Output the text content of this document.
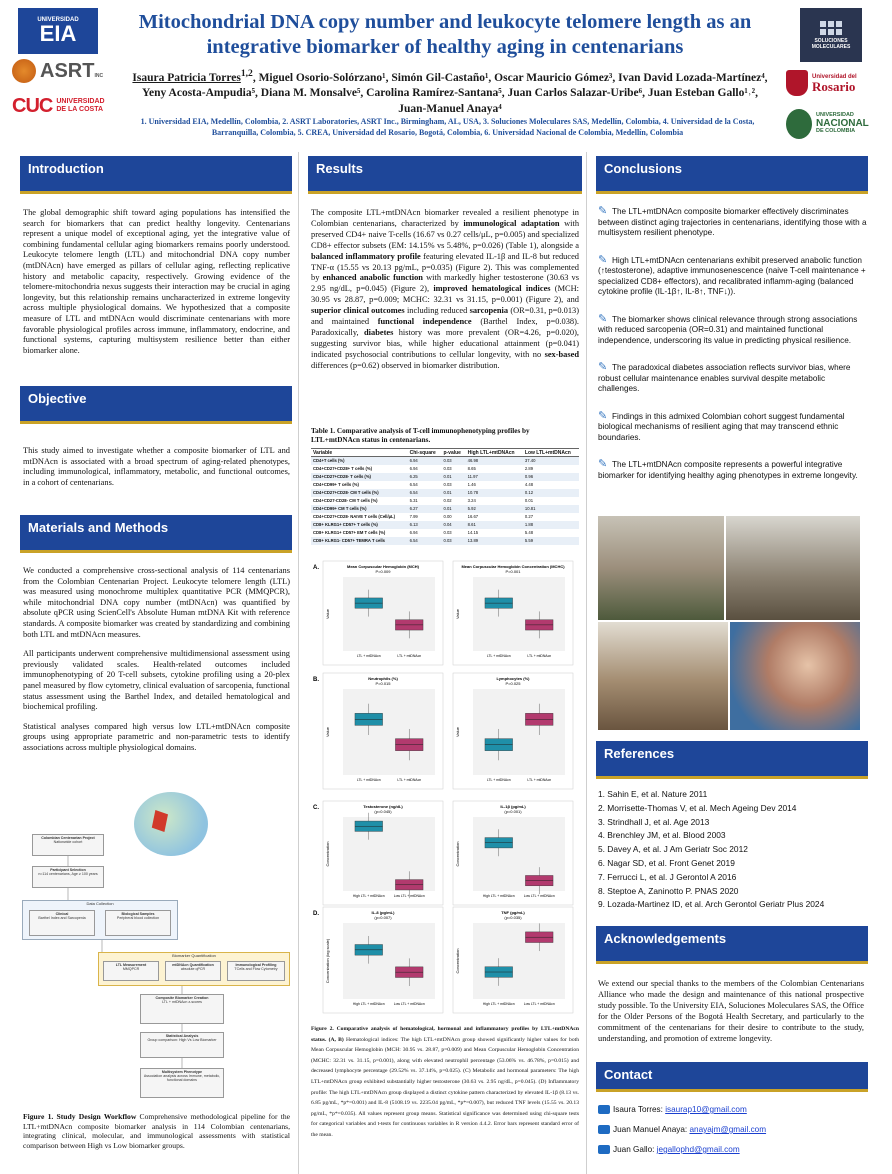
UNIVERSIDAD
EIA
ASRT INC
CUC UNIVERSIDAD DE LA COSTA
Mitochondrial DNA copy number and leukocyte telomere length as an integrative biomarker of healthy aging in centenarians
Isaura Patricia Torres$^{1,2}$, Miguel Osorio-Solórzano¹, Simón Gil-Castaño¹, Oscar Mauricio Gómez³, Ivan David Lozada-Martínez⁴, Yeny Acosta-Ampudia⁵, Diana M. Monsalve⁵, Carolina Ramírez-Santana⁵, Juan Carlos Salazar-Uribe⁶, Juan Esteban Gallo¹˒², Juan-Manuel Anaya⁴
1. Universidad EIA, Medellín, Colombia, 2. ASRT Laboratories, ASRT Inc., Birmingham, AL, USA, 3. Soluciones Moleculares SAS, Medellín, Colombia, 4. Universidad de la Costa, Barranquilla, Colombia, 5. CREA, Universidad del Rosario, Bogotá, Colombia, 6. Universidad Nacional de Colombia, Medellín, Colombia
SOLUCIONES MOLECULARES
Universidad del
Rosario
UNIVERSIDAD
NACIONAL
DE COLOMBIA
Introduction
The global demographic shift toward aging populations has intensified the search for biomarkers that can predict healthy longevity. Centenarians represent a unique model of exceptional aging, yet the integrative value of combining fundamental cellular aging biomarkers remains poorly understood. Leukocyte telomere length (LTL) and mitochondrial DNA copy number (mtDNAcn) have emerged as pillars of cellular aging, reflecting replicative history and metabolic capacity, respectively. Growing evidence of the telomere-mitochondria nexus suggests their interaction may be crucial in aging longevity, but this relationship remains uncharacterized in extreme longevity across multiple physiological domains. We hypothesized that a composite measure of LTL and mtDNAcn would discriminate centenarians with more favorable physiological profiles across immune, inflammatory, endocrine, and functional systems, capturing multisystem resilience better than either biomarker alone.
Objective
This study aimed to investigate whether a composite biomarker of LTL and mtDNAcn is associated with a broad spectrum of aging-related phenotypes, including immunological, inflammatory, metabolic, and functional outcomes, in a cohort of centenarians.
Materials and Methods

We conducted a comprehensive cross-sectional analysis of 114 centenarians from the Colombian Centenarian Project. Leukocyte telomere length (LTL) was measured using monochrome multiplex quantitative PCR (MMQPCR), while mitochondrial DNA copy number (mtDNAcn) was quantified by absolute qPCR using ScienCell's Absolute Human mtDNA Kit with reference standards. A composite biomarker was created by standardizing and combining both LTL and mtDNAcn measures.

All participants underwent comprehensive multidimensional assessment using previously validated scales. Health-related outcomes included immunophenotyping of 20 T-cell subsets, cytokine profiling using a 20-plex panel measured by flow cytometry, clinical evaluation of sarcopenia, functional status assessment using the Barthel Index, and detailed hematological and biochemical profiling.

Statistical analyses compared high versus low LTL+mtDNAcn composite groups using appropriate parametric and non-parametric tests to identify associations across multiple physiological domains.

Colombian Centenarian Project
Nationwide cohort
Participant Selection
n=114 centenarians, Age ≥ 100 years
Data Collection
Clinical
Barthel Index and Sarcopenia
Biological Samples
Peripheral blood collection
Biomarker Quantification
LTL Measurement
MMQPCR
mtDNAcn Quantification
absolute qPCR
Immunological Profiling
TCells and Flow Cytometry
Composite Biomarker Creation
LTL + mtDNAcn z-scores
Statistical Analysis
Group comparison: High Vs Low Biomarker
Multisystem Phenotype
Association analysis across Immune, metabolic, functional domains
Figure 1. Study Design Workflow Comprehensive methodological pipeline for the LTL+mtDNAcn composite biomarker analysis in 114 Colombian centenarians, integrating clinical, molecular, and immunological assessments with statistical comparison between High vs Low biomarker groups.
Results
The composite LTL+mtDNAcn biomarker revealed a resilient phenotype in Colombian centenarians, characterized by immunological adaptation with preserved CD4+ naive T-cells (16.67 vs 0.27 cells/μL, p=0.005) and specialized CD8+ effector subsets (EM: 14.15% vs 5.48%, p=0.026) (Table 1), alongside a balanced inflammatory profile featuring elevated IL-1β and IL-8 but reduced TNF-α (15.55 vs 20.13 pg/mL, p=0.035) (Figure 2). This was complemented by enhanced anabolic function with markedly higher testosterone (30.63 vs 2.95 ng/dL, p=0.045) (Figure 2), improved hematological indices (MCH: 30.95 vs 28.87, p=0.009; MCHC: 32.31 vs 31.15, p=0.001) (Figure 2), and superior clinical outcomes including reduced sarcopenia (OR=0.31, p=0.013) and maintained functional independence (Barthel Index, p=0.038). Paradoxically, diabetes history was more prevalent (OR=4.26, p=0.020), suggesting survivor bias, while higher educational attainment (p=0.041) indicated psychosocial contributions to cellular longevity, with no sex-based differences (p=0.62) observed in biomarker distribution.
Table 1. Comparative analysis of T-cell immunophenotyping profiles by LTL+mtDNAcn status in centenarians.
Variable	Chi-square	p-value	High LTL+mtDNAcn	Low LTL+mtDNAcn
CD4+T cells (%)	6.94	0.03	46.98	37.40
CD4+CD27+CD28+ T cells (%)	6.94	0.03	8.65	2.89
CD4+CD27+CD28- T cells (%)	6.25	0.01	11.97	0.96
CD4+CD99+ T cells (%)	6.54	0.03	1.46	4.48
CD4+CD27+CD28- CM T cells (%)	6.54	0.01	10.78	0.12
CD4+CD27-CD28- CM T cells (%)	5.31	0.02	3.24	0.01
CD4+CD99+ CM T cells (%)	6.27	0.01	5.92	10.81
CD4+CD27+CD28- NAIVE T cells (Cell/µL)	7.99	0.00	16.67	0.27
CD8+ KLRG1+ CD57+ T cells (%)	6.13	0.04	8.61	1.88
CD8+ KLRG1+ CD57+ EM T cells (%)	6.94	0.03	14.15	5.48
CD8+ KLRG1- CD57+ TEMRA T cells	6.54	0.03	13.89	5.59
A.	Mean Corpuscular Hemoglobin (MCH)
P=0.009
Value
LTL + mtDNAcn	LTL + mtDNAcn
Mean Corpuscular Hemoglobin Concentration (MCHC)
P=0.001
Value
LTL + mtDNAcn	LTL + mtDNAcn
B.	Neutrophils (%)
P=0.015
Value
LTL + mtDNAcn	LTL + mtDNAcn
Lymphocytes (%)
P=0.025
Value
LTL + mtDNAcn	LTL + mtDNAcn
C.	Testosterone (ng/dL)
(p=0.045)
Concentration
High LTL + mtDNAcn	Low LTL + mtDNAcn
IL-1β (pg/mL)
(p=0.001)
Concentration
High LTL + mtDNAcn	Low LTL + mtDNAcn
D.	IL-8 (pg/mL)
(p=0.007)
Concentration (log scale)
High LTL + mtDNAcn	Low LTL + mtDNAcn
TNF (pg/mL)
(p=0.035)
Concentration
High LTL + mtDNAcn	Low LTL + mtDNAcn
Figure 2. Comparative analysis of hematological, hormonal and inflammatory profiles by LTL+mtDNAcn status. (A, B) Hematological indices: The high LTL+mtDNAcn group showed significantly higher values for both Mean Corpuscular Hemoglobin (MCH: 30.95 vs. 28.87, p=0.009) and Mean Corpuscular Hemoglobin Concentration (MCHC: 32.31 vs. 31.15, p=0.001), along with elevated neutrophil percentage (53.06% vs. 46.78%, p=0.015) and decreased lymphocyte percentage (29.52% vs. 37.14%, p=0.025). (C) Metabolic and hormonal parameters: The high LTL+mtDNAcn group exhibited substantially higher testosterone (30.63 vs. 2.95 ng/dL, p=0.045). (D) Inflammatory profile: The high LTL+mtDNAcn group displayed a distinct cytokine pattern characterized by elevated IL-1β (8.13 vs. 6.85 pg/mL, *p*=0.001) and IL-8 (5108.19 vs. 2235.04 pg/mL, *p*=0.007), but reduced TNF levels (15.55 vs. 20.13 pg/mL, *p*=0.035). All values represent group means. Statistical significance was determined using chi-square tests for categorical variables and t-tests for continuous variables in R version 4.4.2. Error bars represent standard error of the mean.
Conclusions
✎ The LTL+mtDNAcn composite biomarker effectively discriminates between distinct aging trajectories in centenarians, identifying those with a multisystem resilient phenotype.
✎ High LTL+mtDNAcn centenarians exhibit preserved anabolic function (↑testosterone), adaptive immunosenescence (naive T-cell maintenance + specialized CD8+ effectors), and recalibrated inflamm-aging (balanced cytokine profile (IL-1β↑, IL-8↑, TNF↓)).
✎ The biomarker shows clinical relevance through strong associations with reduced sarcopenia (OR=0.31) and maintained functional independence, underscoring its value in predicting physical resilience.
✎ The paradoxical diabetes association reflects survivor bias, where robust cellular maintenance enables survival despite metabolic challenges.
✎ Findings in this admixed Colombian cohort suggest fundamental biological mechanisms of resilient aging that may transcend ethnic boundaries.
✎ The LTL+mtDNAcn composite represents a powerful integrative biomarker for identifying healthy aging phenotypes in extreme longevity.
References
1. Sahin E, et al. Nature 2011
2. Morrisette-Thomas V, et al. Mech Ageing Dev 2014
3. Strindhall J, et al. Age 2013
4. Brenchley JM, et al. Blood 2003
5. Davey A, et al. J Am Geriatr Soc 2012
6. Nagar SD, et al. Front Genet 2019
7. Ferrucci L, et al. J Gerontol A 2016
8. Steptoe A, Zaninotto P. PNAS 2020
9. Lozada-Martinez ID, et al. Arch Gerontol Geriatr Plus 2024
Acknowledgements
We extend our special thanks to the members of the Colombian Centenarians Alliance who made the design and maintenance of this national prospective study possible. To the University EIA, Soluciones Moleculares SAS, the Office for the Older Persons of the Bogotá Health Secretary, and particularly to the commitment of the centenarians for their desire to contribute to the study, understanding, and promotion of extreme longevity.
Contact
Isaura Torres: isaurap10@gmail.com
Juan Manuel Anaya: anayajm@gmail.com
Juan Gallo: jegallophd@gmail.com
